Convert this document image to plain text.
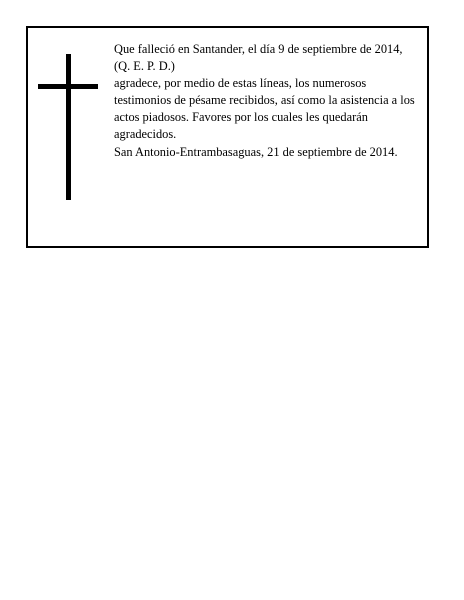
Que falleció en Santander, el día 9 de septiembre de 2014,

(Q. E. P. D.)

agradece, por medio de estas líneas, los numerosos testimonios de pésame recibidos, así como la asistencia a los actos piadosos. Favores por los cuales les quedarán agradecidos.

San Antonio-Entrambasaguas, 21 de septiembre de 2014.
